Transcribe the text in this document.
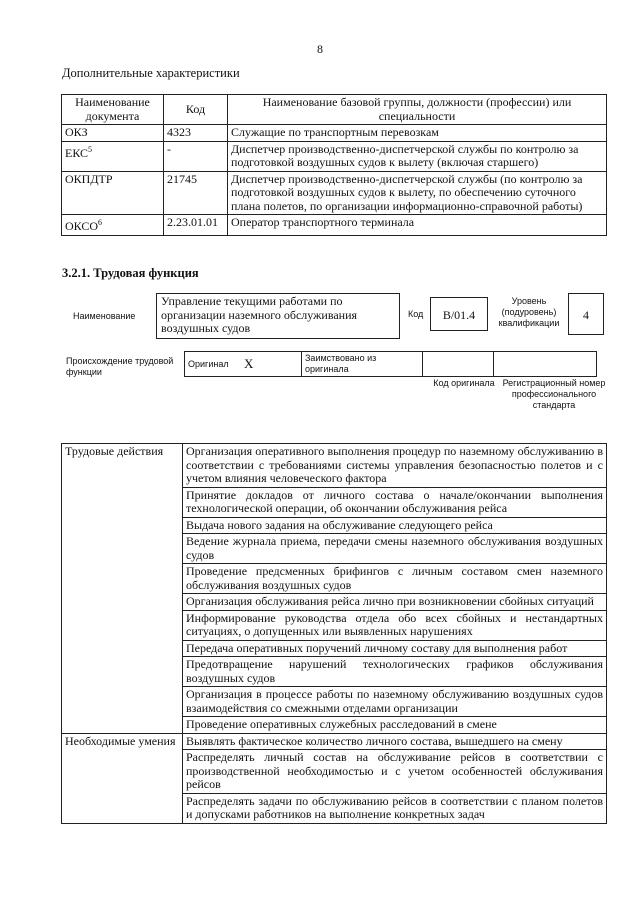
8
Дополнительные характеристики
Наименование документа	Код	Наименование базовой группы, должности (профессии) или специальности
ОКЗ	4323	Служащие по транспортным перевозкам
ЕКС$^5$	-	Диспетчер производственно-диспетчерской службы по контролю за подготовкой воздушных судов к вылету (включая старшего)
ОКПДТР	21745	Диспетчер производственно-диспетчерской службы (по контролю за подготовкой воздушных судов к вылету, по обеспечению суточного плана полетов, по организации информационно-справочной работы)
ОКСО$^6$	2.23.01.01	Оператор транспортного терминала
3.2.1. Трудовая функция
Наименование
Управление текущими работами по организации наземного обслуживания воздушных судов
Код	B/01.4
Уровень (подуровень) квалификации
4
Происхождение трудовой функции
Оригинал	X	Заимствовано из оригинала		
Код оригинала Регистрационный номер профессионального стандарта
Трудовые действия	Организация оперативного выполнения процедур по наземному обслуживанию в соответствии с требованиями системы управления безопасностью полетов и с учетом влияния человеческого фактора
	Принятие докладов от личного состава о начале/окончании выполнения технологической операции, об окончании обслуживания рейса
	Выдача нового задания на обслуживание следующего рейса
	Ведение журнала приема, передачи смены наземного обслуживания воздушных судов
	Проведение предсменных брифингов с личным составом смен наземного обслуживания воздушных судов
	Организация обслуживания рейса лично при возникновении сбойных ситуаций
	Информирование руководства отдела обо всех сбойных и нестандартных ситуациях, о допущенных или выявленных нарушениях
	Передача оперативных поручений личному составу для выполнения работ
	Предотвращение нарушений технологических графиков обслуживания воздушных судов
	Организация в процессе работы по наземному обслуживанию воздушных судов взаимодействия со смежными отделами организации
	Проведение оперативных служебных расследований в смене
Необходимые умения	Выявлять фактическое количество личного состава, вышедшего на смену
	Распределять личный состав на обслуживание рейсов в соответствии с производственной необходимостью и с учетом особенностей обслуживания рейсов
	Распределять задачи по обслуживанию рейсов в соответствии с планом полетов и допусками работников на выполнение конкретных задач
